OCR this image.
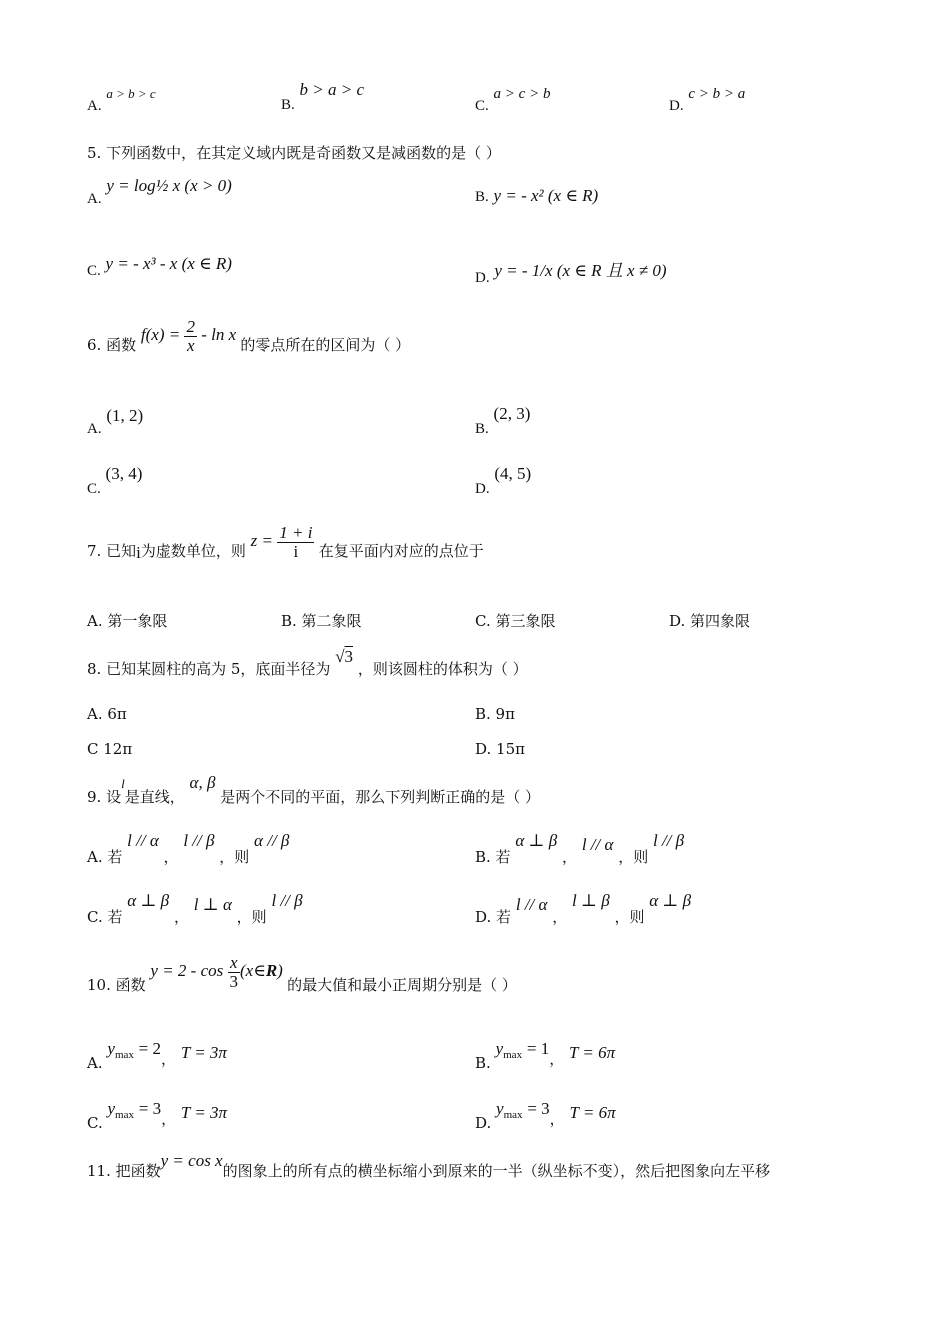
A. a > b > c
B. b > a > c
C. a > c > b
D. c > b > a
5. 下列函数中，在其定义域内既是奇函数又是减函数的是（ ）
A. y = log½ x (x > 0)
B. y = - x² (x ∈ R)
C. y = - x³ - x (x ∈ R)
D. y = - 1/x (x ∈ R 且 x ≠ 0)
6. 函数 $f(x) = \frac{2}{x} - \ln x$ 的零点所在的区间为（ ）
A. (1, 2)
B. (2, 3)
C. (3, 4)
D. (4, 5)
7. 已知i为虚数单位，则 $z = \frac{1 + i}{i}$ 在复平面内对应的点位于
A. 第一象限	B. 第二象限	C. 第三象限	D. 第四象限
8. 已知某圆柱的高为 5，底面半径为 √3 ，则该圆柱的体积为（ ）
A. 6π	B. 9π
C 12π	D. 15π
9. 设l是直线， α, β 是两个不同的平面，那么下列判断正确的是（ ）
A. 若 l // α ， l // β ，则 α // β
B. 若 α ⊥ β ， l // α ，则 l // β
C. 若 α ⊥ β ， l ⊥ α ，则 l // β
D. 若 l // α ， l ⊥ β ，则 α ⊥ β
10. 函数 $y = 2 - \cos \frac{x}{3}$ (x∈R) 的最大值和最小正周期分别是（ ）
A. $y_{max} = 2$， T = 3π
B. $y_{max} = 1$， T = 6π
C. $y_{max} = 3$， T = 3π
D. $y_{max} = 3$， T = 6π
11. 把函数y = cos x的图象上的所有点的横坐标缩小到原来的一半（纵坐标不变），然后把图象向左平移
